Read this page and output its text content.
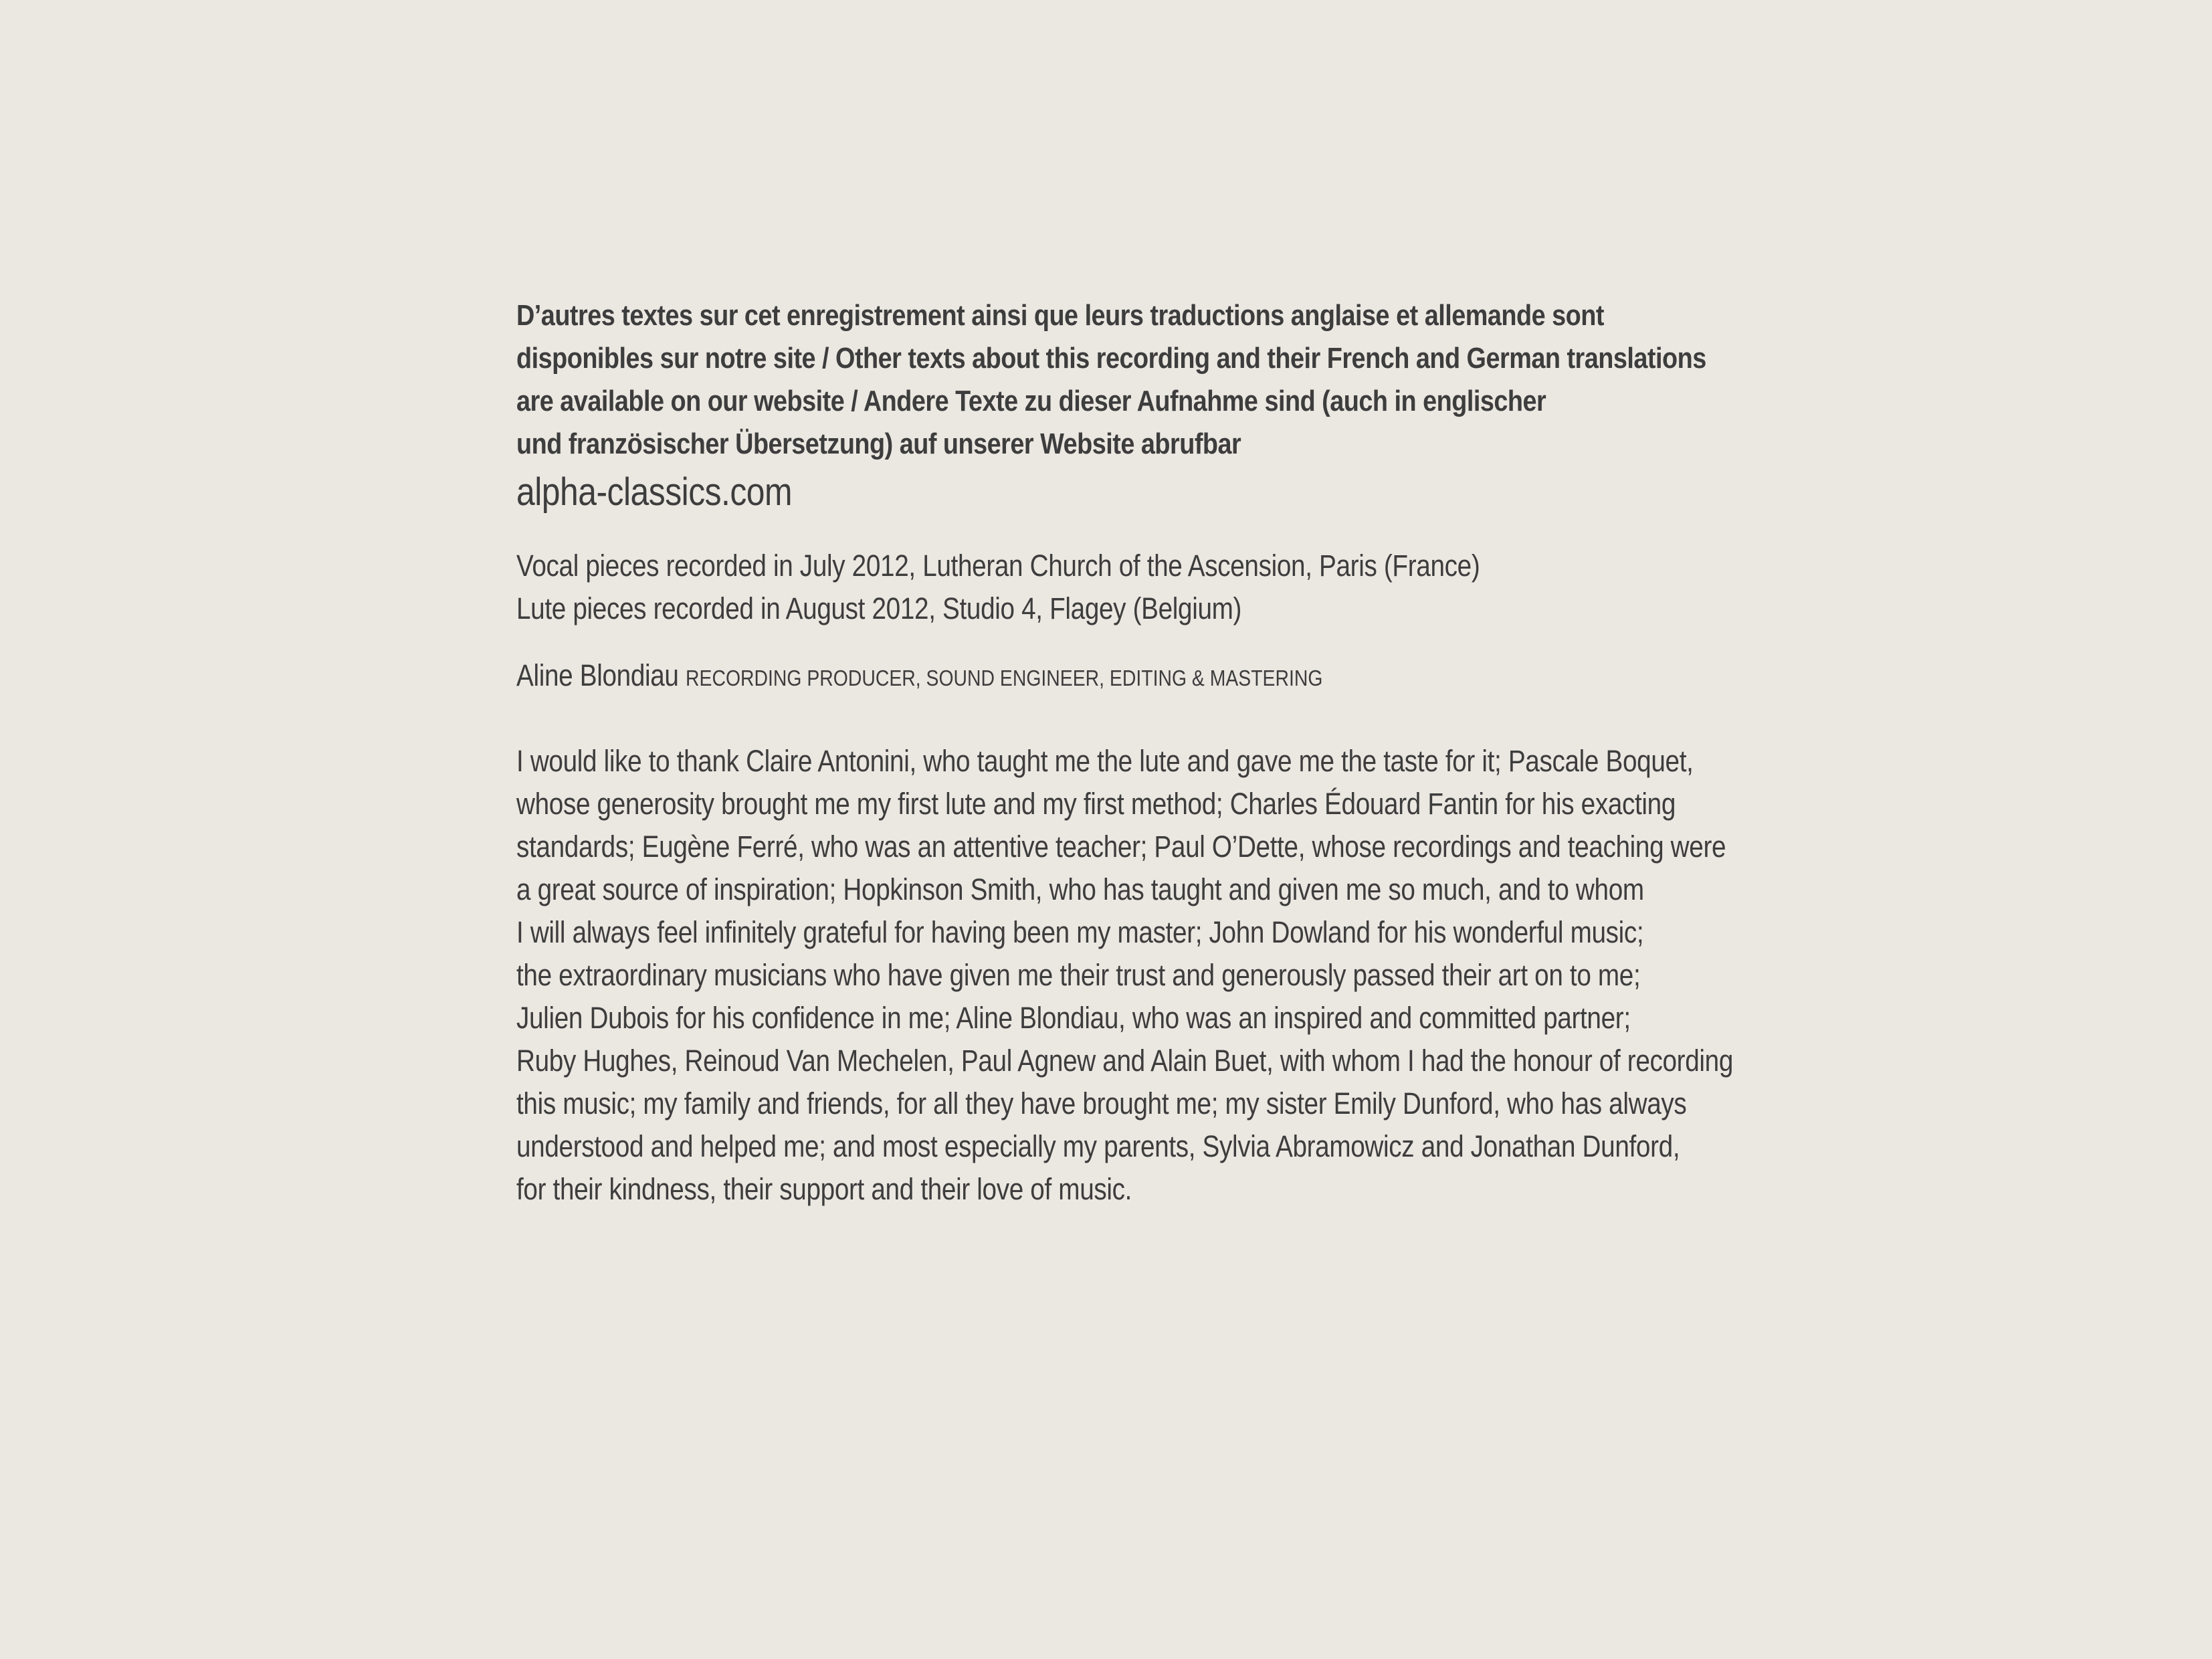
D’autres textes sur cet enregistrement ainsi que leurs traductions anglaise et allemande sont
disponibles sur notre site / Other texts about this recording and their French and German translations
are available on our website / Andere Texte zu dieser Aufnahme sind (auch in englischer
und französischer Übersetzung) auf unserer Website abrufbar
alpha-classics.com
Vocal pieces recorded in July 2012, Lutheran Church of the Ascension, Paris (France)
Lute pieces recorded in August 2012, Studio 4, Flagey (Belgium)
Aline Blondiau RECORDING PRODUCER, SOUND ENGINEER, EDITING & MASTERING
I would like to thank Claire Antonini, who taught me the lute and gave me the taste for it; Pascale Boquet,
whose generosity brought me my first lute and my first method; Charles Édouard Fantin for his exacting
standards; Eugène Ferré, who was an attentive teacher; Paul O’Dette, whose recordings and teaching were
a great source of inspiration; Hopkinson Smith, who has taught and given me so much, and to whom
I will always feel infinitely grateful for having been my master; John Dowland for his wonderful music;
the extraordinary musicians who have given me their trust and generously passed their art on to me;
Julien Dubois for his confidence in me; Aline Blondiau, who was an inspired and committed partner;
Ruby Hughes, Reinoud Van Mechelen, Paul Agnew and Alain Buet, with whom I had the honour of recording
this music; my family and friends, for all they have brought me; my sister Emily Dunford, who has always
understood and helped me; and most especially my parents, Sylvia Abramowicz and Jonathan Dunford,
for their kindness, their support and their love of music.
